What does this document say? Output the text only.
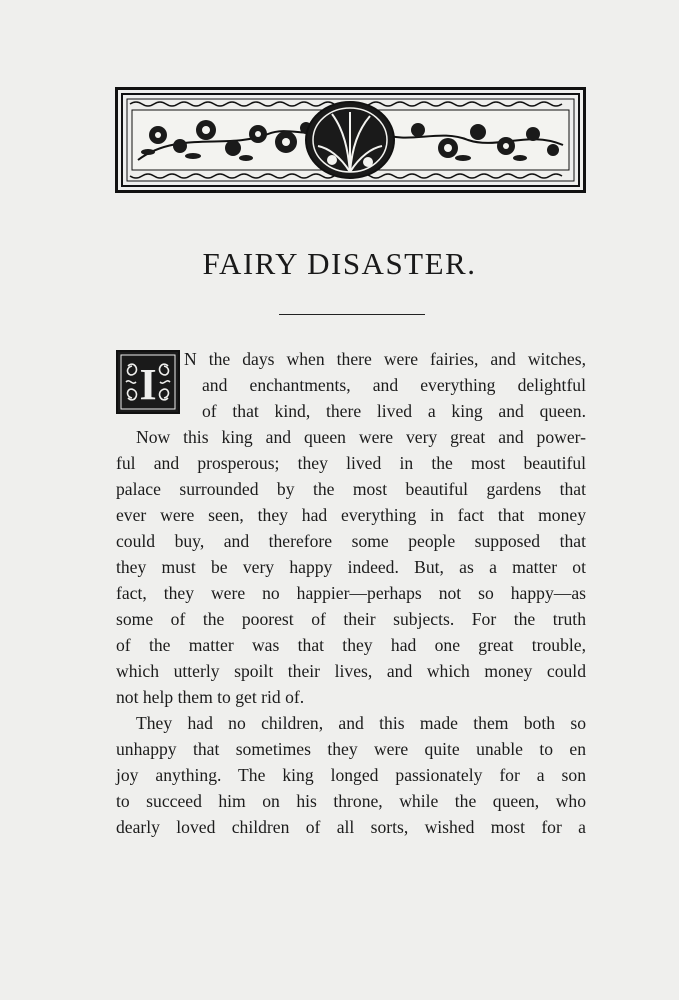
FAIRY DISASTER.
I

N the days when there were fairies, and witches,

and enchantments, and everything delightful

of that kind, there lived a king and queen.

Now this king and queen were very great and power-

ful and prosperous; they lived in the most beautiful

palace surrounded by the most beautiful gardens that

ever were seen, they had everything in fact that money

could buy, and therefore some people supposed that

they must be very happy indeed. But, as a matter ot

fact, they were no happier—perhaps not so happy—as

some of the poorest of their subjects. For the truth

of the matter was that they had one great trouble,

which utterly spoilt their lives, and which money could

not help them to get rid of.

They had no children, and this made them both so

unhappy that sometimes they were quite unable to en

joy anything. The king longed passionately for a son

to succeed him on his throne, while the queen, who

dearly loved children of all sorts, wished most for a
